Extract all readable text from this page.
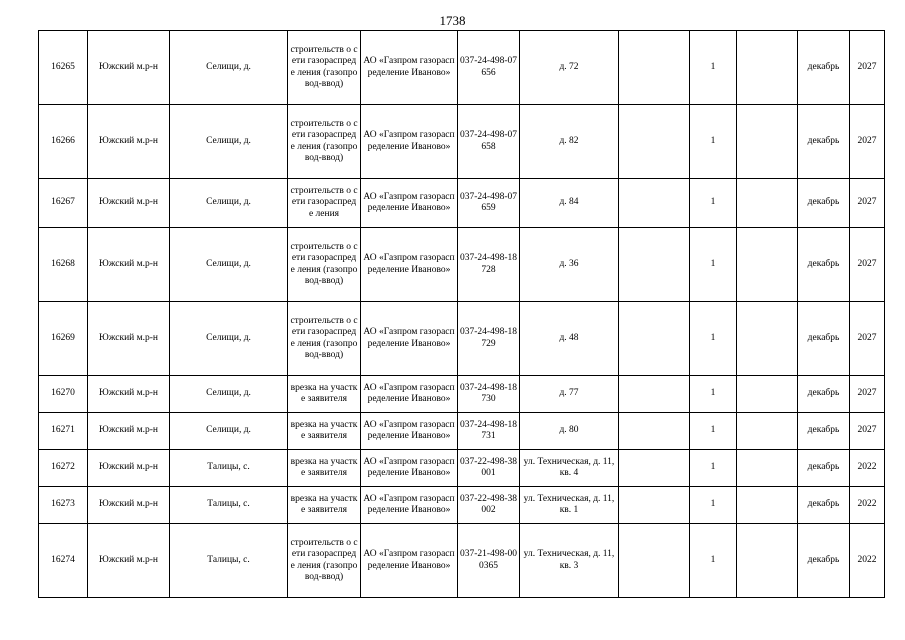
1738
16265	Южский м.р-н	Селищи, д.	строительств о сети газораспреде ления (газопровод-ввод)	АО «Газпром газораспределение Иваново»	037-24-498-07656	д. 72		1		декабрь	2027
16266	Южский м.р-н	Селищи, д.	строительств о сети газораспреде ления (газопровод-ввод)	АО «Газпром газораспределение Иваново»	037-24-498-07658	д. 82		1		декабрь	2027
16267	Южский м.р-н	Селищи, д.	строительств о сети газораспреде ления	АО «Газпром газораспределение Иваново»	037-24-498-07659	д. 84		1		декабрь	2027
16268	Южский м.р-н	Селищи, д.	строительств о сети газораспреде ления (газопровод-ввод)	АО «Газпром газораспределение Иваново»	037-24-498-18728	д. 36		1		декабрь	2027
16269	Южский м.р-н	Селищи, д.	строительств о сети газораспреде ления (газопровод-ввод)	АО «Газпром газораспределение Иваново»	037-24-498-18729	д. 48		1		декабрь	2027
16270	Южский м.р-н	Селищи, д.	врезка на участке заявителя	АО «Газпром газораспределение Иваново»	037-24-498-18730	д. 77		1		декабрь	2027
16271	Южский м.р-н	Селищи, д.	врезка на участке заявителя	АО «Газпром газораспределение Иваново»	037-24-498-18731	д. 80		1		декабрь	2027
16272	Южский м.р-н	Талицы, с.	врезка на участке заявителя	АО «Газпром газораспределение Иваново»	037-22-498-38001	ул. Техническая, д. 11, кв. 4		1		декабрь	2022
16273	Южский м.р-н	Талицы, с.	врезка на участке заявителя	АО «Газпром газораспределение Иваново»	037-22-498-38002	ул. Техническая, д. 11, кв. 1		1		декабрь	2022
16274	Южский м.р-н	Талицы, с.	строительств о сети газораспреде ления (газопровод-ввод)	АО «Газпром газораспределение Иваново»	037-21-498-000365	ул. Техническая, д. 11, кв. 3		1		декабрь	2022
